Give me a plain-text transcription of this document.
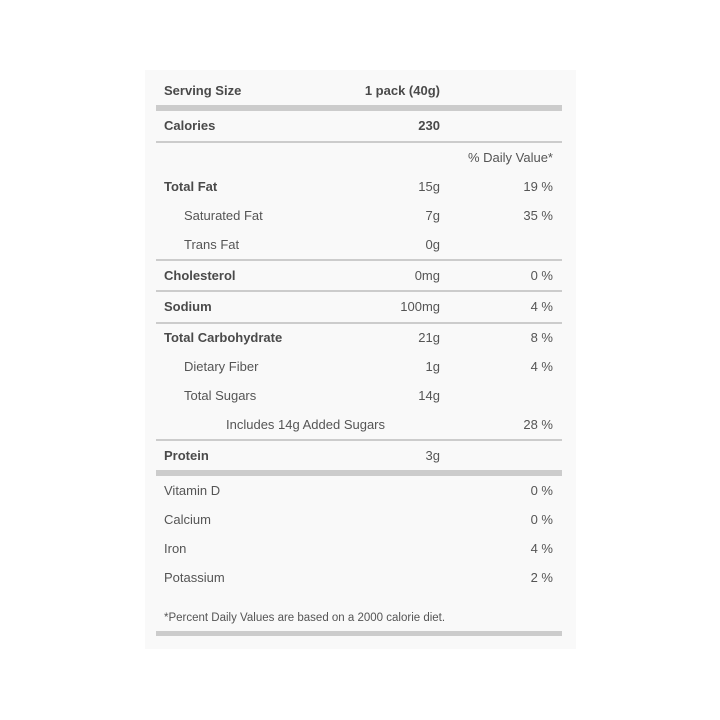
Serving Size	1 pack (40g)
Calories	230
% Daily Value*
Total Fat	15g	19 %
Saturated Fat	7g	35 %
Trans Fat	0g
Cholesterol	0mg	0 %
Sodium	100mg	4 %
Total Carbohydrate	21g	8 %
Dietary Fiber	1g	4 %
Total Sugars	14g
Includes 14g Added Sugars	28 %
Protein	3g
Vitamin D	0 %
Calcium	0 %
Iron	4 %
Potassium	2 %
*Percent Daily Values are based on a 2000 calorie diet.
